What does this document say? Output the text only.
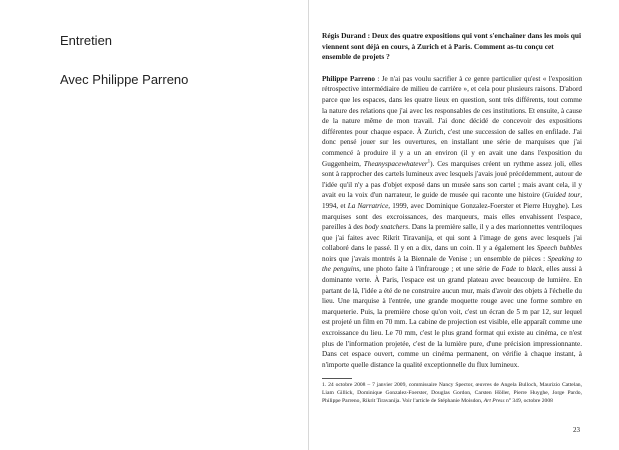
Entretien
Avec Philippe Parreno

Régis Durand : Deux des quatre expositions qui vont s'enchaîner dans les mois qui viennent sont déjà en cours, à Zurich et à Paris. Comment as-tu conçu cet ensemble de projets ?

Philippe Parreno : Je n'ai pas voulu sacrifier à ce genre particulier qu'est « l'exposition rétrospective intermédiaire de milieu de carrière », et cela pour plusieurs raisons. D'abord parce que les espaces, dans les quatre lieux en question, sont très différents, tout comme la nature des relations que j'ai avec les responsables de ces institutions. Et ensuite, à cause de la nature même de mon travail. J'ai donc décidé de concevoir des expositions différentes pour chaque espace. À Zurich, c'est une succession de salles en enfilade. J'ai donc pensé jouer sur les ouvertures, en installant une série de marquises que j'ai commencé à produire il y a un an environ (il y en avait une dans l'exposition du Guggenheim, Theanyspacewhatever$^1$). Ces marquises créent un rythme assez joli, elles sont à rapprocher des cartels lumineux avec lesquels j'avais joué précédemment, autour de l'idée qu'il n'y a pas d'objet exposé dans un musée sans son cartel ; mais avant cela, il y avait eu la voix d'un narrateur, le guide de musée qui raconte une histoire (Guided tour, 1994, et La Narratrice, 1999, avec Dominique Gonzalez-Foerster et Pierre Huyghe). Les marquises sont des excroissances, des marqueurs, mais elles envahissent l'espace, pareilles à des body snatchers. Dans la première salle, il y a des marionnettes ventriloques que j'ai faites avec Rikrit Tiravanija, et qui sont à l'image de gens avec lesquels j'ai collaboré dans le passé. Il y en a dix, dans un coin. Il y a également les Speech bubbles noirs que j'avais montrés à la Biennale de Venise ; un ensemble de pièces : Speaking to the penguins, une photo faite à l'infrarouge ; et une série de Fade to black, elles aussi à dominante verte. À Paris, l'espace est un grand plateau avec beaucoup de lumière. En partant de là, l'idée a été de ne construire aucun mur, mais d'avoir des objets à l'échelle du lieu. Une marquise à l'entrée, une grande moquette rouge avec une forme sombre en marqueterie. Puis, la première chose qu'on voit, c'est un écran de 5 m par 12, sur lequel est projeté un film en 70 mm. La cabine de projection est visible, elle apparaît comme une excroissance du lieu. Le 70 mm, c'est le plus grand format qui existe au cinéma, ce n'est plus de l'information projetée, c'est de la lumière pure, d'une précision impressionnante. Dans cet espace ouvert, comme un cinéma permanent, on vérifie à chaque instant, à n'importe quelle distance la qualité exceptionnelle du flux lumineux.

1. 24 octobre 2008 – 7 janvier 2009, commissaire Nancy Spector, œuvres de Angela Bulloch, Maurizio Cattelan, Liam Gillick, Dominique Gonzalez-Foerster, Douglas Gordon, Carsten Höller, Pierre Huyghe, Jorge Pardo, Philippe Parreno, Rikrit Tiravanija. Voir l'article de Stéphanie Moisdon, Art Press n° 349, octobre 2008

23
